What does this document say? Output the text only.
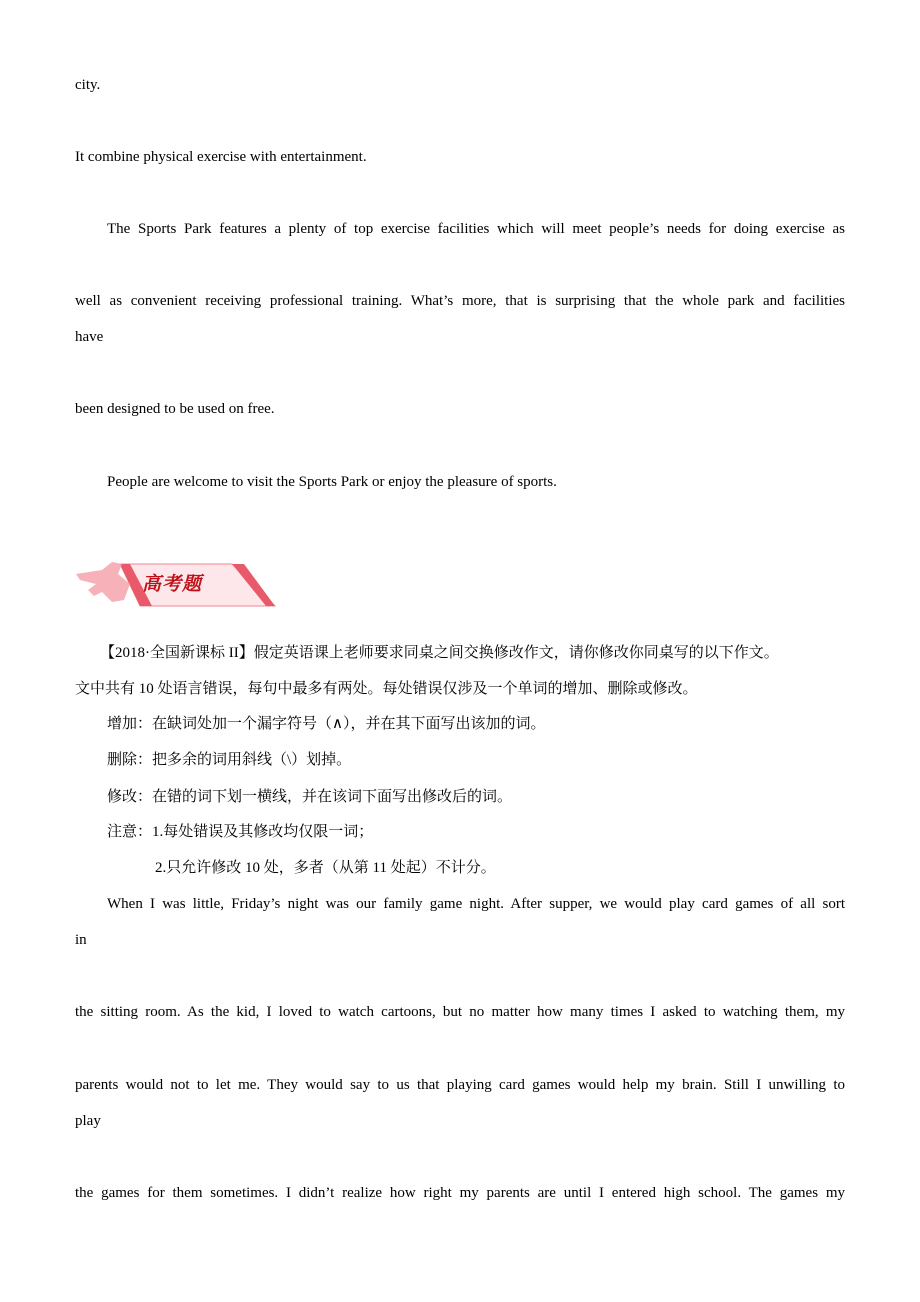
city.
It combine physical exercise with entertainment.
The Sports Park features a plenty of top exercise facilities which will meet people’s needs for doing exercise as
well as convenient receiving professional training. What’s more, that is surprising that the whole park and facilities
have
been designed to be used on free.
People are welcome to visit the Sports Park or enjoy the pleasure of sports.
高考题
【2018·全国新课标 II】假定英语课上老师要求同桌之间交换修改作文，请你修改你同桌写的以下作文。
文中共有 10 处语言错误，每句中最多有两处。每处错误仅涉及一个单词的增加、删除或修改。
增加：在缺词处加一个漏字符号（∧），并在其下面写出该加的词。
删除：把多余的词用斜线（\）划掉。
修改：在错的词下划一横线，并在该词下面写出修改后的词。
注意：1.每处错误及其修改均仅限一词；
2.只允许修改 10 处，多者（从第 11 处起）不计分。
When I was little, Friday’s night was our family game night. After supper, we would play card games of all sort
in
the sitting room. As the kid, I loved to watch cartoons, but no matter how many times I asked to watching them, my
parents would not to let me. They would say to us that playing card games would help my brain. Still I unwilling to
play
the games for them sometimes. I didn’t realize how right my parents are until I entered high school. The games my
